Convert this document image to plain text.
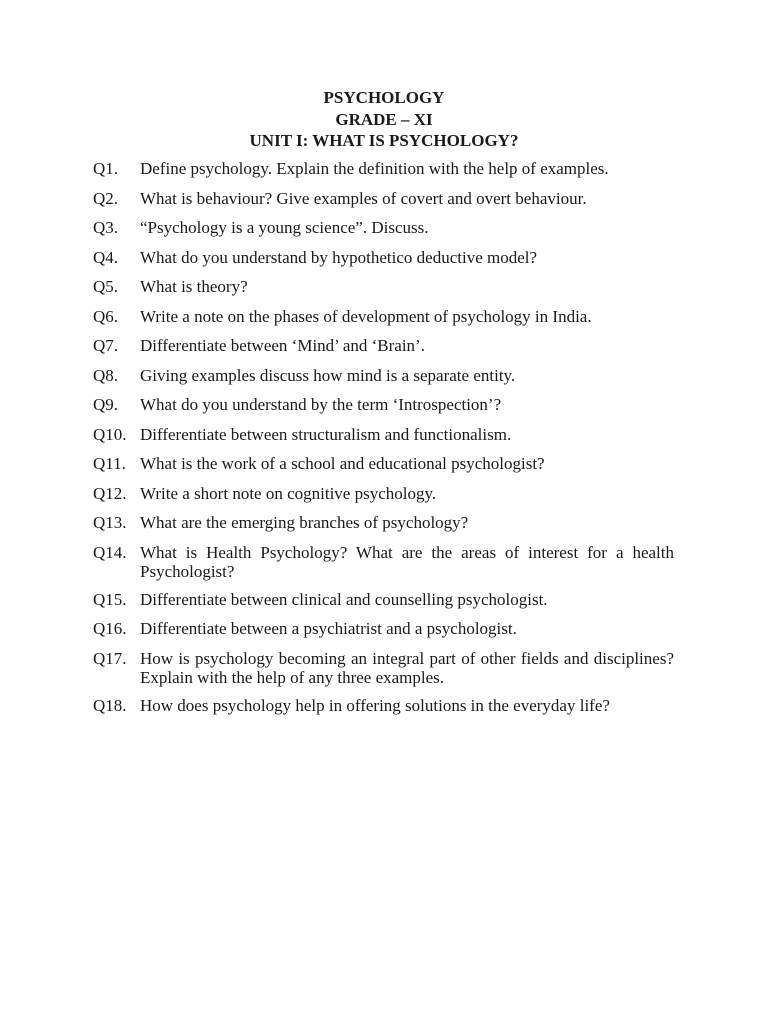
PSYCHOLOGY
GRADE – XI
UNIT I: WHAT IS PSYCHOLOGY?
Q1.	Define psychology. Explain the definition with the help of examples.
Q2.	What is behaviour? Give examples of covert and overt behaviour.
Q3.	“Psychology is a young science”. Discuss.
Q4.	What do you understand by hypothetico deductive model?
Q5.	What is theory?
Q6.	Write a note on the phases of development of psychology in India.
Q7.	Differentiate between ‘Mind’ and ‘Brain’.
Q8.	Giving examples discuss how mind is a separate entity.
Q9.	What do you understand by the term ‘Introspection’?
Q10. Differentiate between structuralism and functionalism.
Q11. What is the work of a school and educational psychologist?
Q12. Write a short note on cognitive psychology.
Q13. What are the emerging branches of psychology?
Q14. What is Health Psychology? What are the areas of interest for a health Psychologist?
Q15. Differentiate between clinical and counselling psychologist.
Q16. Differentiate between a psychiatrist and a psychologist.
Q17. How is psychology becoming an integral part of other fields and disciplines? Explain with the help of any three examples.
Q18. How does psychology help in offering solutions in the everyday life?
